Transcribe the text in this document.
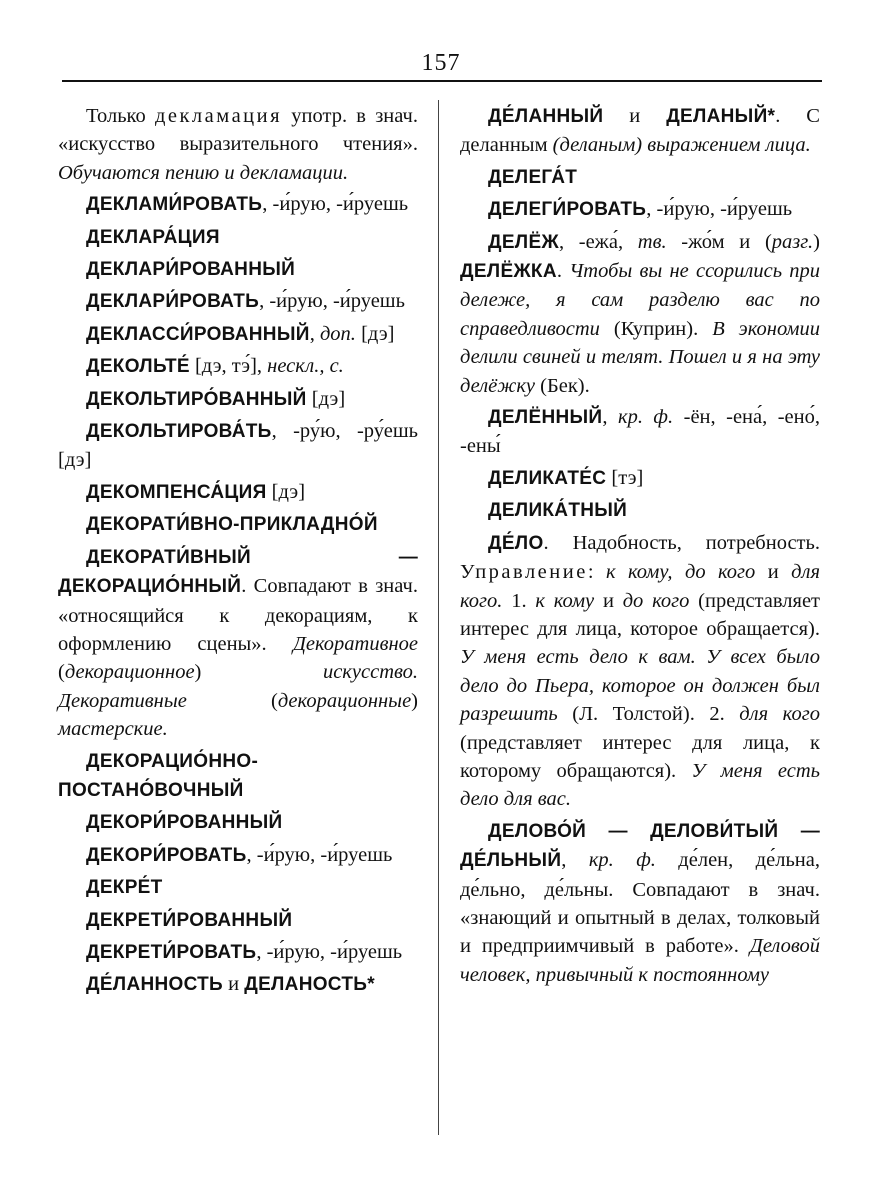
157

Только декламация употр. в знач. «искусство выразительного чтения». Обучаются пению и декламации.

ДЕКЛАМИ́РОВАТЬ, -и́рую, -и́руешь

ДЕКЛАРА́ЦИЯ

ДЕКЛАРИ́РОВАННЫЙ

ДЕКЛАРИ́РОВАТЬ, -и́рую, -и́руешь

ДЕКЛАССИ́РОВАННЫЙ, доп. [дэ]

ДЕКОЛЬТЕ́ [дэ, тэ́], нескл., с.

ДЕКОЛЬТИРО́ВАННЫЙ [дэ]

ДЕКОЛЬТИРОВА́ТЬ, -ру́ю, -ру́ешь [дэ]

ДЕКОМПЕНСА́ЦИЯ [дэ]

ДЕКОРАТИ́ВНО-ПРИКЛАДНО́Й

ДЕКОРАТИ́ВНЫЙ — ДЕКОРАЦИО́ННЫЙ. Совпадают в знач. «относящийся к декорациям, к оформлению сцены». Декоративное (декорационное) искусство. Декоративные (декорационные) мастерские.

ДЕКОРАЦИО́ННО-ПОСТАНО́ВОЧНЫЙ

ДЕКОРИ́РОВАННЫЙ

ДЕКОРИ́РОВАТЬ, -и́рую, -и́руешь

ДЕКРЕ́Т

ДЕКРЕТИ́РОВАННЫЙ

ДЕКРЕТИ́РОВАТЬ, -и́рую, -и́руешь

ДЕ́ЛАННОСТЬ и ДЕЛАНОСТЬ*

ДЕ́ЛАННЫЙ и ДЕЛАНЫЙ*. С деланным (деланым) выражением лица.

ДЕЛЕГА́Т

ДЕЛЕГИ́РОВАТЬ, -и́рую, -и́руешь

ДЕЛЁЖ, -ежа́, тв. -жо́м и (разг.) ДЕЛЁЖКА. Чтобы вы не ссорились при дележе, я сам разделю вас по справедливости (Куприн). В экономии делили свиней и телят. Пошел и я на эту делёжку (Бек).

ДЕЛЁННЫЙ, кр. ф. -ён, -ена́, -ено́, -ены́

ДЕЛИКАТЕ́С [тэ]

ДЕЛИКА́ТНЫЙ

ДЕ́ЛО. Надобность, потребность. Управление: к кому, до кого и для кого. 1. к кому и до кого (представляет интерес для лица, которое обращается). У меня есть дело к вам. У всех было дело до Пьера, которое он должен был разрешить (Л. Толстой). 2. для кого (представляет интерес для лица, к которому обращаются). У меня есть дело для вас.

ДЕЛОВО́Й — ДЕЛОВИ́ТЫЙ — ДЕ́ЛЬНЫЙ, кр. ф. де́лен, де́льна, де́льно, де́льны. Совпадают в знач. «знающий и опытный в делах, толковый и предприимчивый в работе». Деловой человек, привычный к постоянному
